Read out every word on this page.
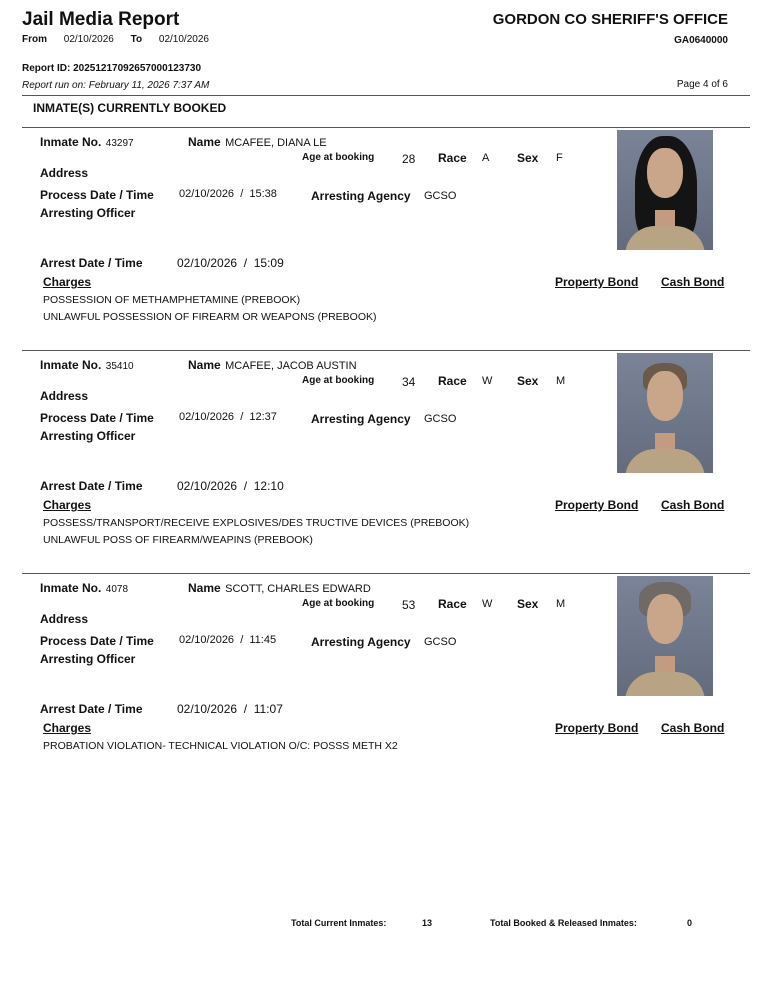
Jail Media Report	GORDON CO SHERIFF'S OFFICE
GA0640000
From 02/10/2026 To 02/10/2026
Report ID: 20251217092657000123730
Report run on: February 11, 2026 7:37 AM	Page 4 of 6
INMATE(S) CURRENTLY BOOKED
Inmate No. 43297	Name MCAFEE, DIANA LE
Age at booking 28 Race A Sex F
Address
Process Date / Time 02/10/2026 / 15:38	Arresting Agency GCSO
Arresting Officer
Arrest Date / Time	02/10/2026 / 15:09
Charges	Property Bond Cash Bond
POSSESSION OF METHAMPHETAMINE (PREBOOK)
UNLAWFUL POSSESSION OF FIREARM OR WEAPONS (PREBOOK)
Inmate No. 35410	Name MCAFEE, JACOB AUSTIN
Age at booking 34 Race W Sex M
Address
Process Date / Time 02/10/2026 / 12:37	Arresting Agency GCSO
Arresting Officer
Arrest Date / Time	02/10/2026 / 12:10
Charges	Property Bond Cash Bond
POSSESS/TRANSPORT/RECEIVE EXPLOSIVES/DES TRUCTIVE DEVICES (PREBOOK)
UNLAWFUL POSS OF FIREARM/WEAPINS (PREBOOK)
Inmate No. 4078	Name SCOTT, CHARLES EDWARD
Age at booking 53 Race W Sex M
Address
Process Date / Time 02/10/2026 / 11:45	Arresting Agency GCSO
Arresting Officer
Arrest Date / Time	02/10/2026 / 11:07
Charges	Property Bond Cash Bond
PROBATION VIOLATION- TECHNICAL VIOLATION O/C: POSSS METH X2
Total Current Inmates:	13	Total Booked & Released Inmates:	0
